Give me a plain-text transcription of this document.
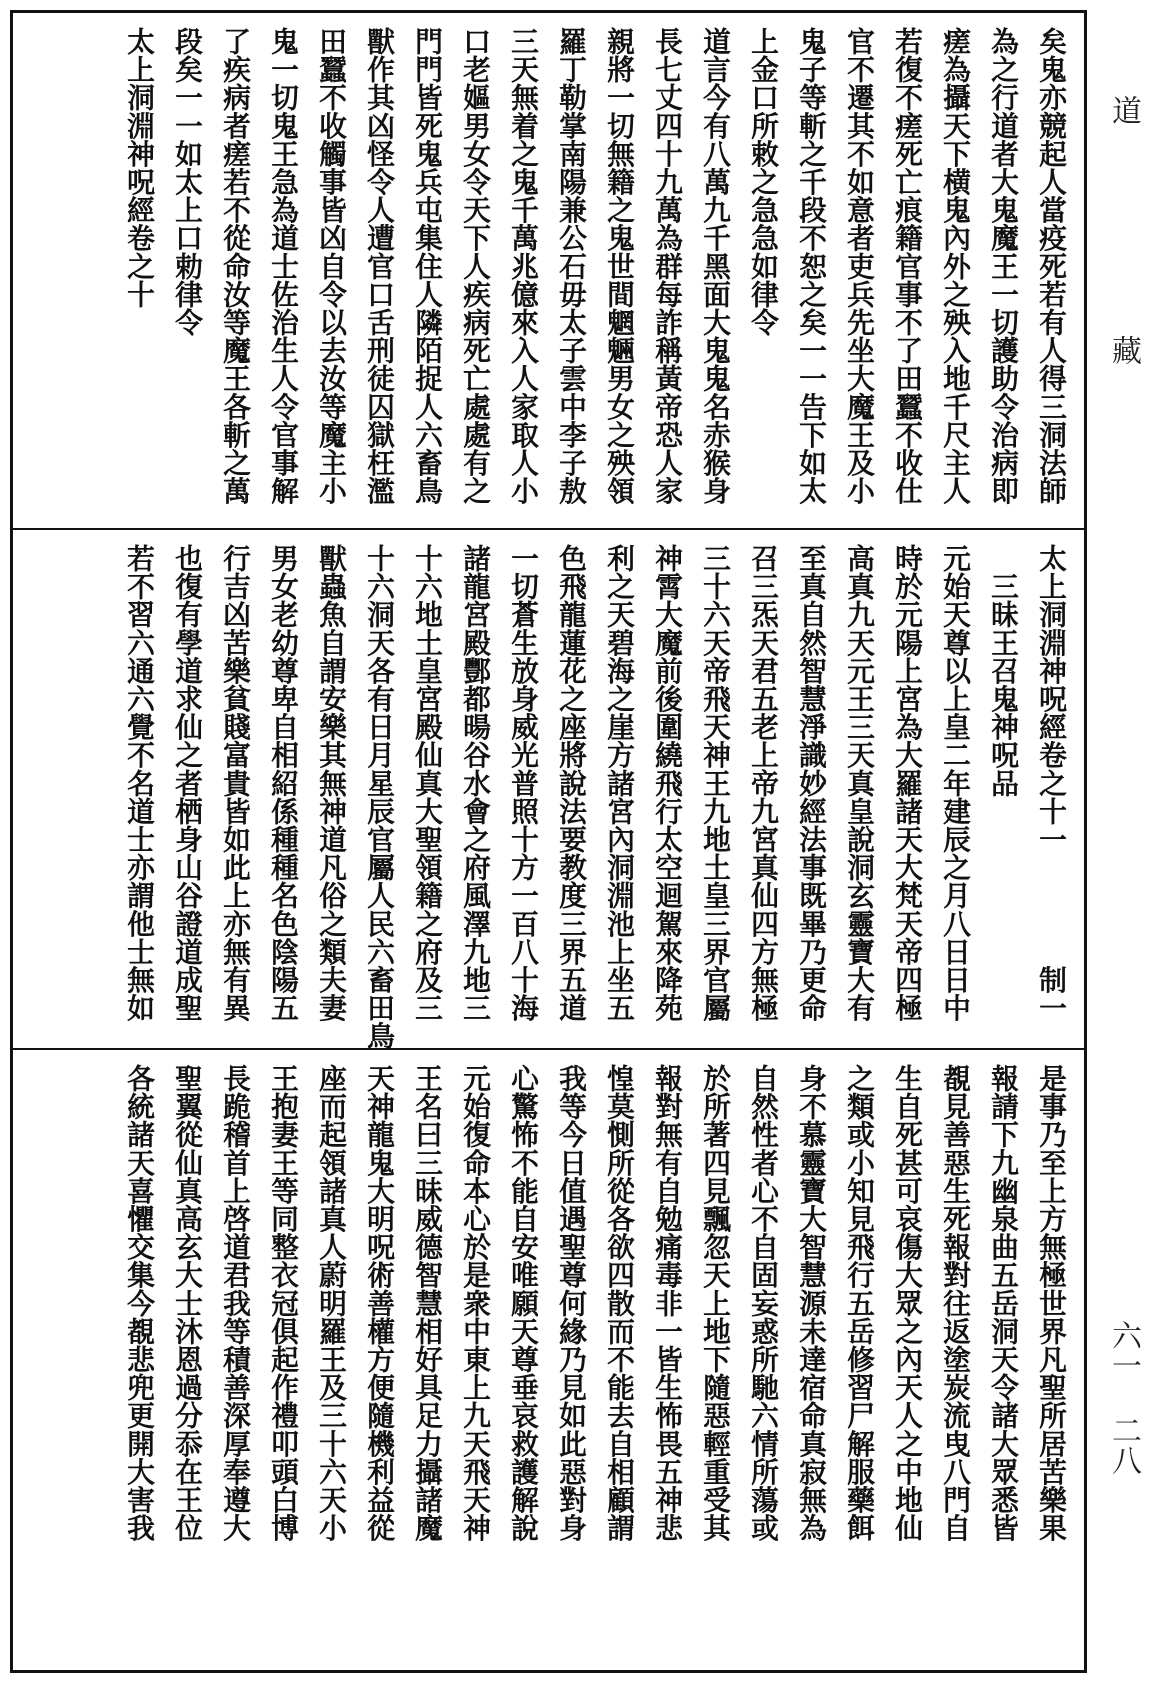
矣鬼亦競起人當疫死若有人得三洞法師
為之行道者大鬼魔王一切護助令治病即
瘥為攝天下横鬼內外之殃入地千尺主人
若復不瘥死亡痕籍官事不了田蠶不收仕
官不遷其不如意者吏兵先坐大魔王及小
鬼子等斬之千段不恕之矣一一告下如太
上金口所敕之急急如律令
道言今有八萬九千黑面大鬼鬼名赤猴身
長七丈四十九萬為群每詐稱黃帝恐人家
親將一切無籍之鬼世間魍魎男女之殃領
羅丁勒掌南陽兼公石毋太子雲中李子敖
三天無着之鬼千萬兆億來入人家取人小
口老嫗男女令天下人疾病死亡處處有之
門門皆死鬼兵屯集住人隣陌捉人六畜鳥
獸作其凶怪令人遭官口舌刑徒囚獄枉濫
田蠶不收觸事皆凶自令以去汝等魔主小
鬼一切鬼王急為道士佐治生人令官事解
了疾病者瘥若不從命汝等魔王各斬之萬
段矣一一如太上口勅律令
太上洞淵神呪經卷之十
太上洞淵神呪經卷之十一　　　　制一
　三昧王召鬼神呪品
元始天尊以上皇二年建辰之月八日日中
時於元陽上宮為大羅諸天大梵天帝四極
高真九天元王三天真皇說洞玄靈寶大有
至真自然智慧淨識妙經法事既畢乃更命
召三炁天君五老上帝九宮真仙四方無極
三十六天帝飛天神王九地土皇三界官屬
神霄大魔前後圍繞飛行太空迴駕來降苑
利之天碧海之崖方諸宮內洞淵池上坐五
色飛龍蓮花之座將說法要教度三界五道
一切蒼生放身威光普照十方一百八十海
諸龍宮殿酆都暘谷水會之府風澤九地三
十六地土皇宮殿仙真大聖領籍之府及三
十六洞天各有日月星辰官屬人民六畜田鳥
獸蟲魚自謂安樂其無神道凡俗之類夫妻
男女老幼尊卑自相紹係種種名色陰陽五
行吉凶苦樂貧賤富貴皆如此上亦無有異
也復有學道求仙之者栖身山谷證道成聖
若不習六通六覺不名道士亦謂他士無如
是事乃至上方無極世界凡聖所居苦樂果
報請下九幽泉曲五岳洞天令諸大眾悉皆
覩見善惡生死報對往返塗炭流曳八門自
生自死甚可哀傷大眾之內天人之中地仙
之類或小知見飛行五岳修習尸解服藥餌
身不慕靈寶大智慧源未達宿命真寂無為
自然性者心不自固妄惑所馳六情所蕩或
於所著四見飄忽天上地下隨惡輕重受其
報對無有自勉痛毒非一皆生怖畏五神悲
惶莫惻所從各欲四散而不能去自相顧謂
我等今日值遇聖尊何緣乃見如此惡對身
心驚怖不能自安唯願天尊垂哀救護解說
元始復命本心於是衆中東上九天飛天神
王名曰三昧威德智慧相好具足力攝諸魔
天神龍鬼大明呪術善權方便隨機利益從
座而起領諸真人蔚明羅王及三十六天小
王抱妻王等同整衣冠俱起作禮叩頭白博
長跪稽首上啓道君我等積善深厚奉遵大
聖翼從仙真高玄大士沐恩過分忝在王位
各統諸天喜懼交集今覩悲兜更開大害我
道
藏
六一 二八
